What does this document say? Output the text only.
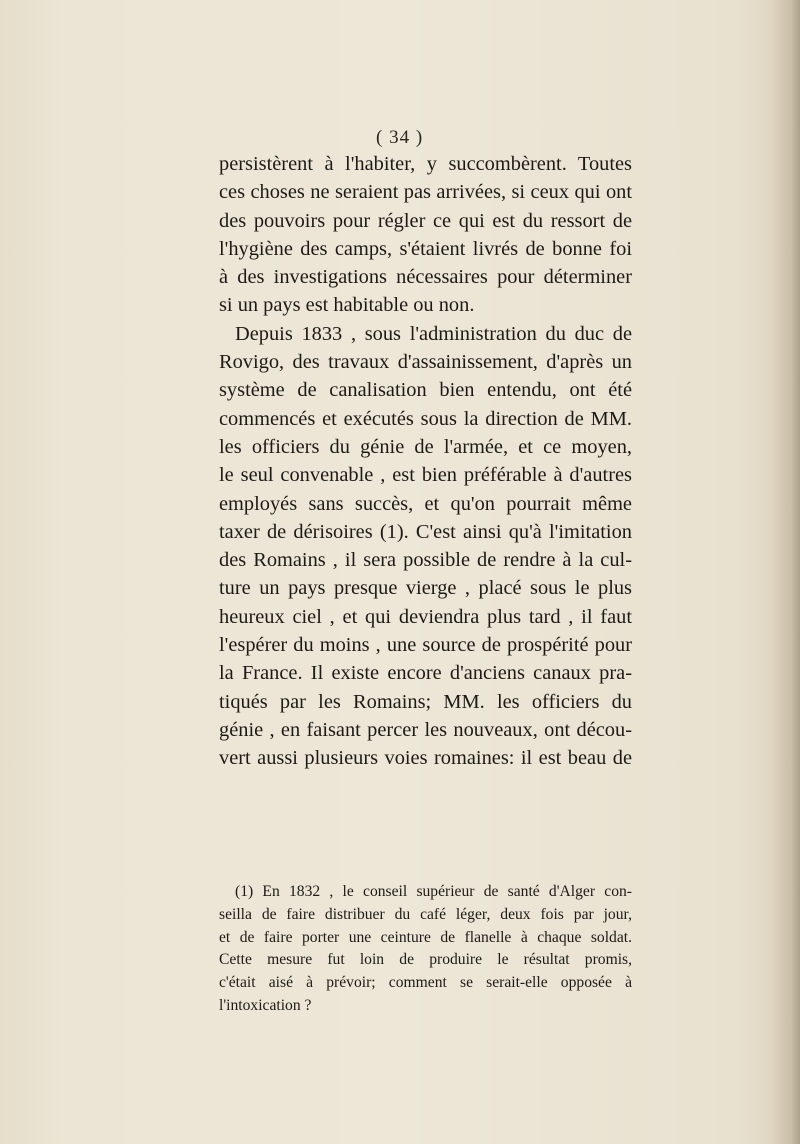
( 34 )
persistèrent à l'habiter, y succombèrent. Toutes
ces choses ne seraient pas arrivées, si ceux qui ont
des pouvoirs pour régler ce qui est du ressort de
l'hygiène des camps, s'étaient livrés de bonne foi
à des investigations nécessaires pour déterminer
si un pays est habitable ou non.
Depuis 1833 , sous l'administration du duc de
Rovigo, des travaux d'assainissement, d'après un
système de canalisation bien entendu, ont été
commencés et exécutés sous la direction de MM.
les officiers du génie de l'armée, et ce moyen,
le seul convenable , est bien préférable à d'autres
employés sans succès, et qu'on pourrait même
taxer de dérisoires (1). C'est ainsi qu'à l'imitation
des Romains , il sera possible de rendre à la cul-
ture un pays presque vierge , placé sous le plus
heureux ciel , et qui deviendra plus tard , il faut
l'espérer du moins , une source de prospérité pour
la France. Il existe encore d'anciens canaux pra-
tiqués par les Romains; MM. les officiers du
génie , en faisant percer les nouveaux, ont décou-
vert aussi plusieurs voies romaines: il est beau de
(1) En 1832 , le conseil supérieur de santé d'Alger con-
seilla de faire distribuer du café léger, deux fois par jour,
et de faire porter une ceinture de flanelle à chaque soldat.
Cette mesure fut loin de produire le résultat promis,
c'était aisé à prévoir; comment se serait-elle opposée à
l'intoxication ?
